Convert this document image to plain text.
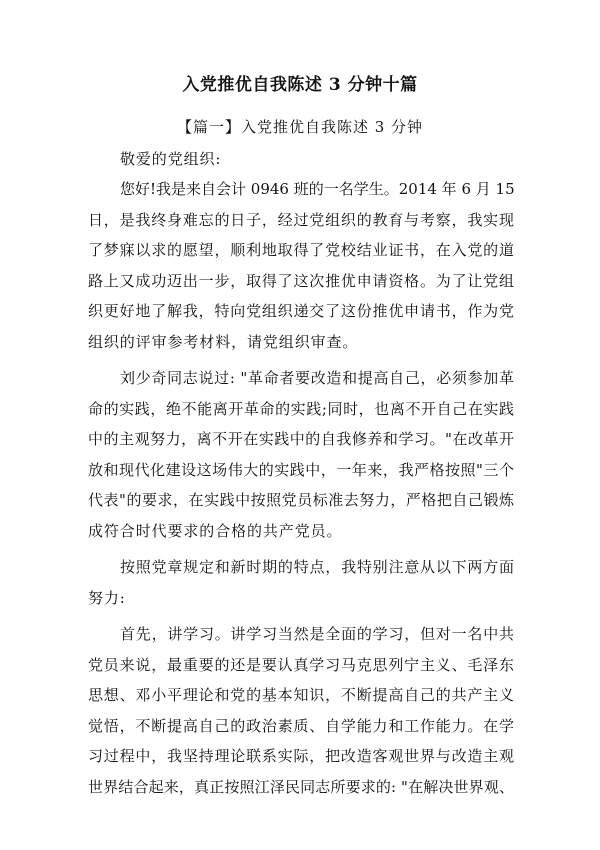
入党推优自我陈述 3 分钟十篇
【篇一】入党推优自我陈述 3 分钟

敬爱的党组织:

您好!我是来自会计 0946 班的一名学生。2014 年 6 月 15
日，是我终身难忘的日子，经过党组织的教育与考察，我实现
了梦寐以求的愿望，顺利地取得了党校结业证书，在入党的道
路上又成功迈出一步，取得了这次推优申请资格。为了让党组
织更好地了解我，特向党组织递交了这份推优申请书，作为党
组织的评审参考材料，请党组织审查。

刘少奇同志说过: "革命者要改造和提高自己，必须参加革
命的实践，绝不能离开革命的实践;同时，也离不开自己在实践
中的主观努力，离不开在实践中的自我修养和学习。"在改革开
放和现代化建设这场伟大的实践中，一年来，我严格按照"三个
代表"的要求，在实践中按照党员标准去努力，严格把自己锻炼
成符合时代要求的合格的共产党员。

按照党章规定和新时期的特点，我特别注意从以下两方面
努力:

首先，讲学习。讲学习当然是全面的学习，但对一名中共
党员来说，最重要的还是要认真学习马克思列宁主义、毛泽东
思想、邓小平理论和党的基本知识，不断提高自己的共产主义
觉悟，不断提高自己的政治素质、自学能力和工作能力。在学
习过程中，我坚持理论联系实际，把改造客观世界与改造主观
世界结合起来，真正按照江泽民同志所要求的: "在解决世界观、
